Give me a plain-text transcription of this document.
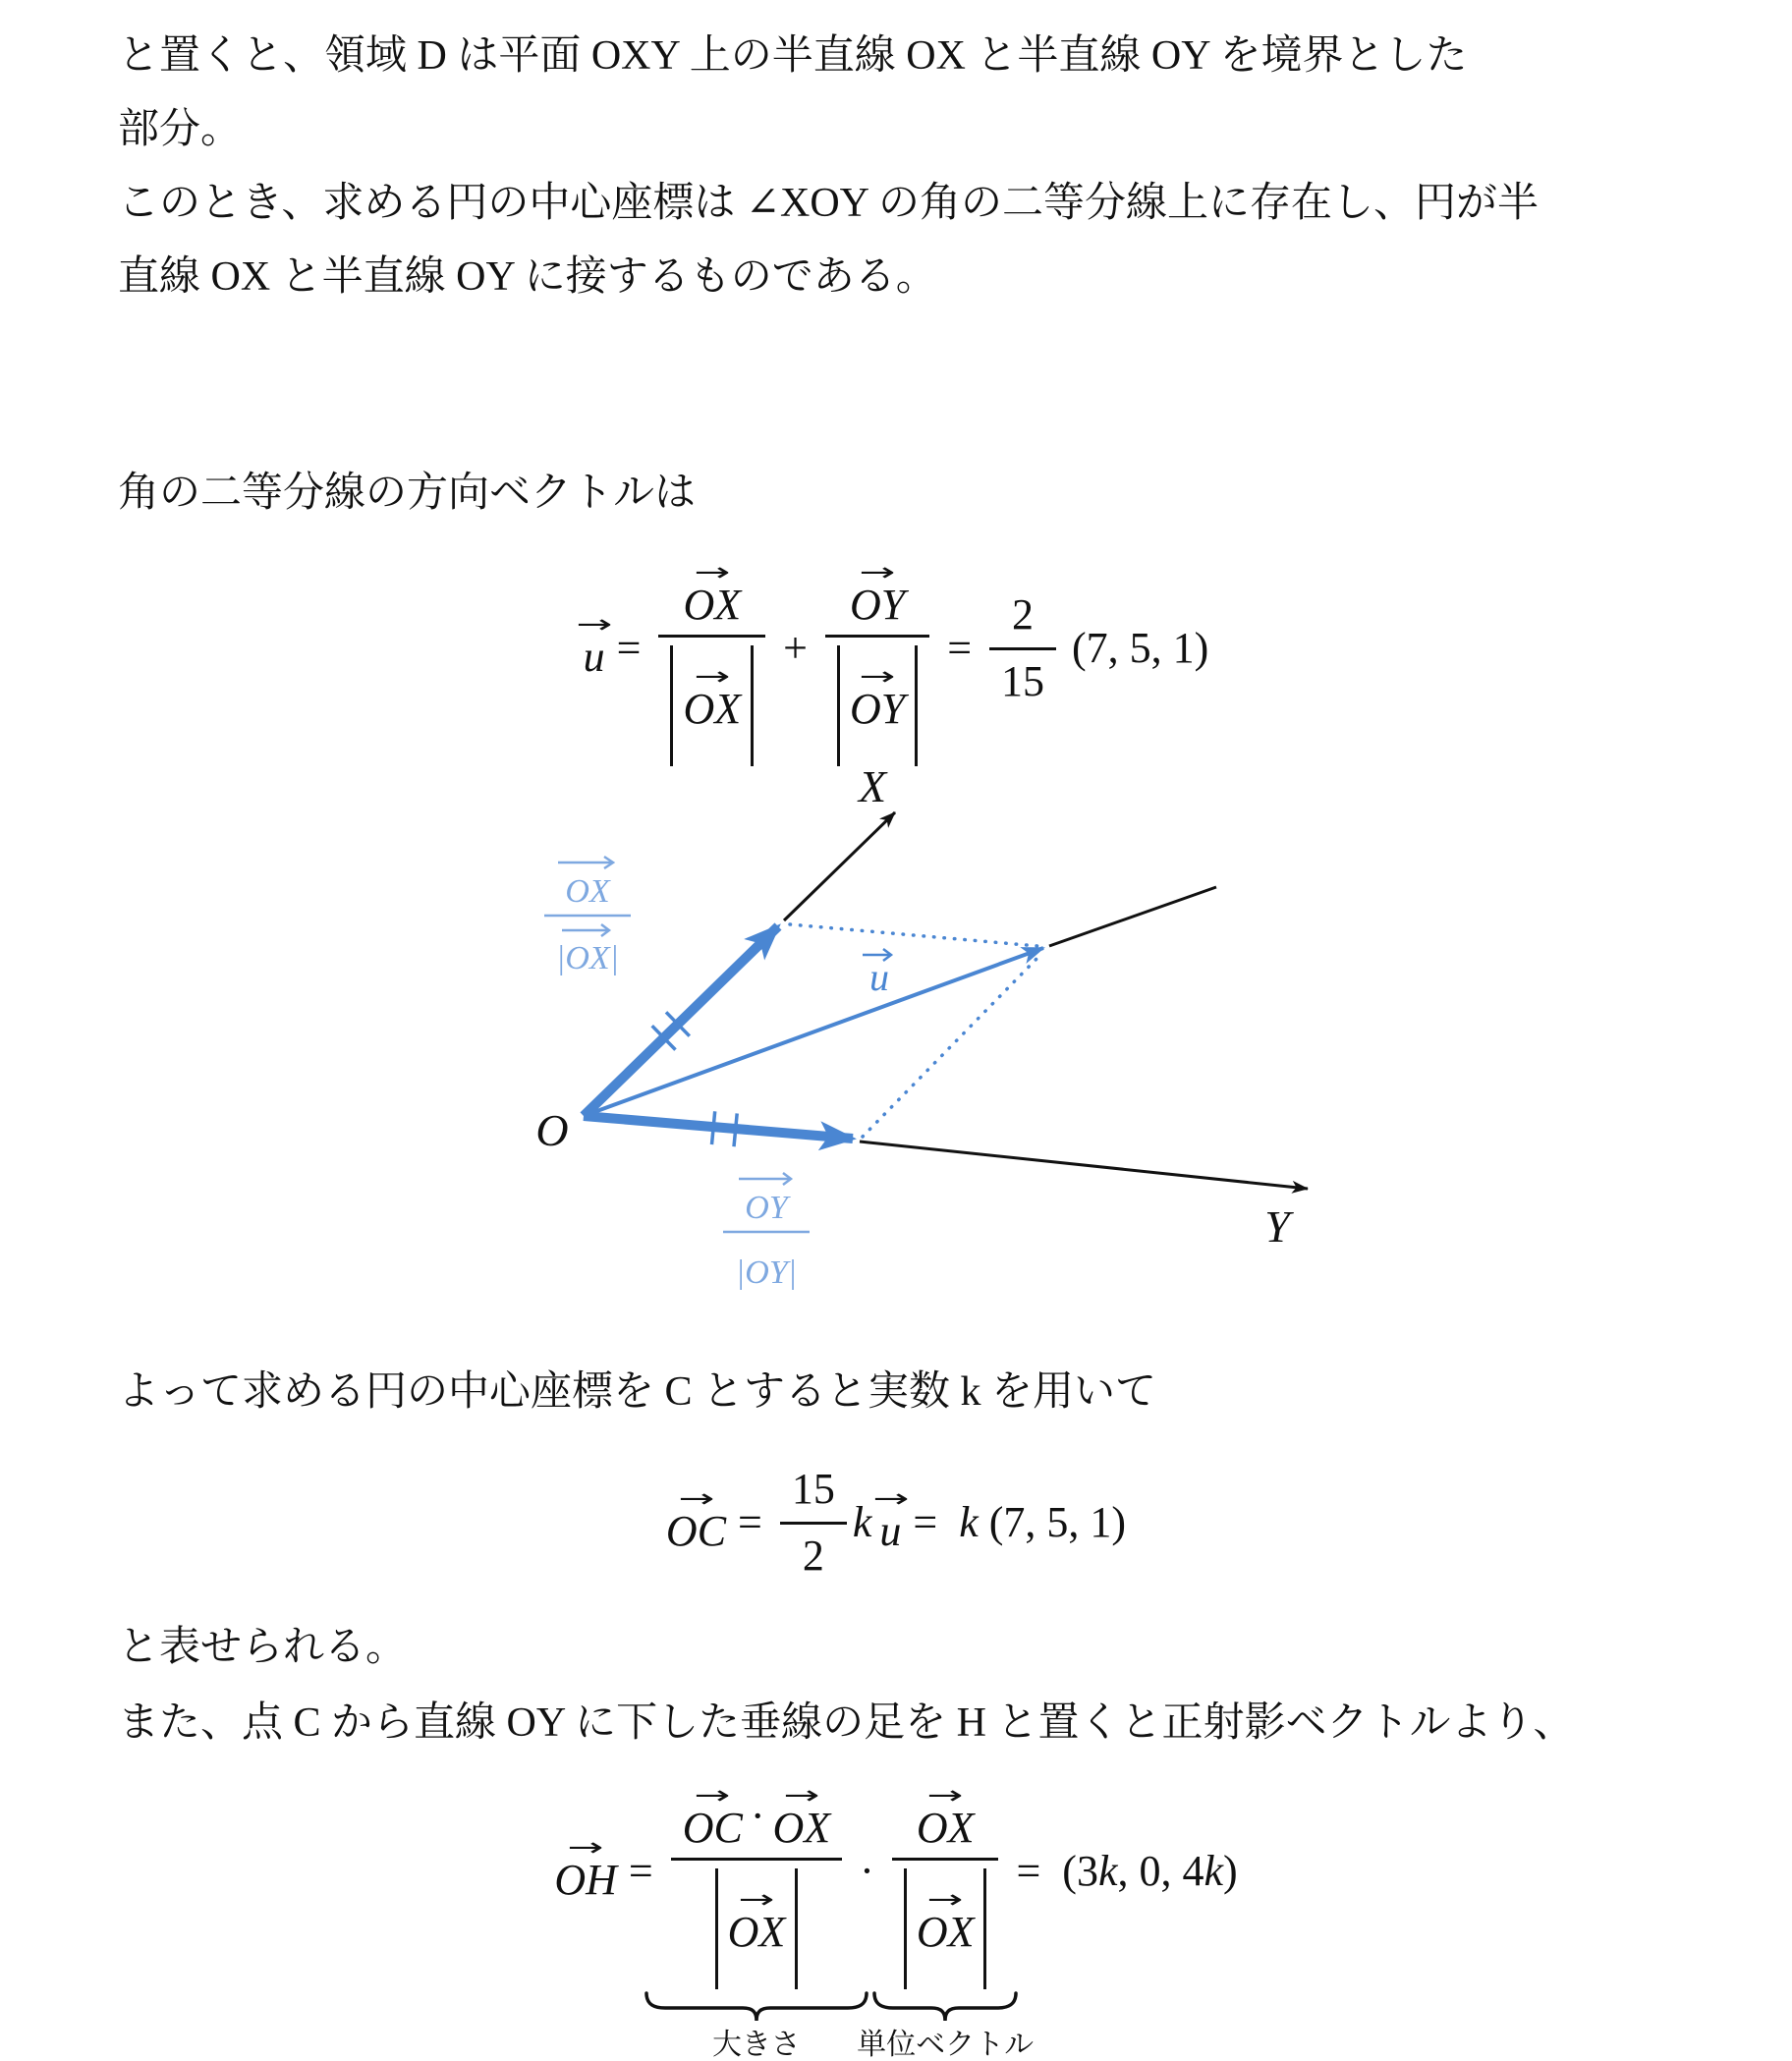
と置くと、領域 D は平面 OXY 上の半直線 OX と半直線 OY を境界とした
部分。
このとき、求める円の中心座標は ∠XOY の角の二等分線上に存在し、円が半
直線 OX と半直線 OY に接するものである。
角の二等分線の方向ベクトルは
→
u = →
OX
→
OX + →
OY
→
OY = $\frac{2}{15} (7$, 5, 1)
OX
|OX|
OY
|OY|
u
O
X
Y
よって求める円の中心座標を C とすると実数 k を用いて
→
OC = $\frac{15}{2}$ k →
u = k (7, 5, 1)
と表せられる。
また、点 C から直線 OY に下した垂線の足を H と置くと正射影ベクトルより、
→
OH =
→
OC · →
OX
→
OX
大きさ
· →
OX
→
OX
単位ベクトル
= (3 k , 0, 4 k )
